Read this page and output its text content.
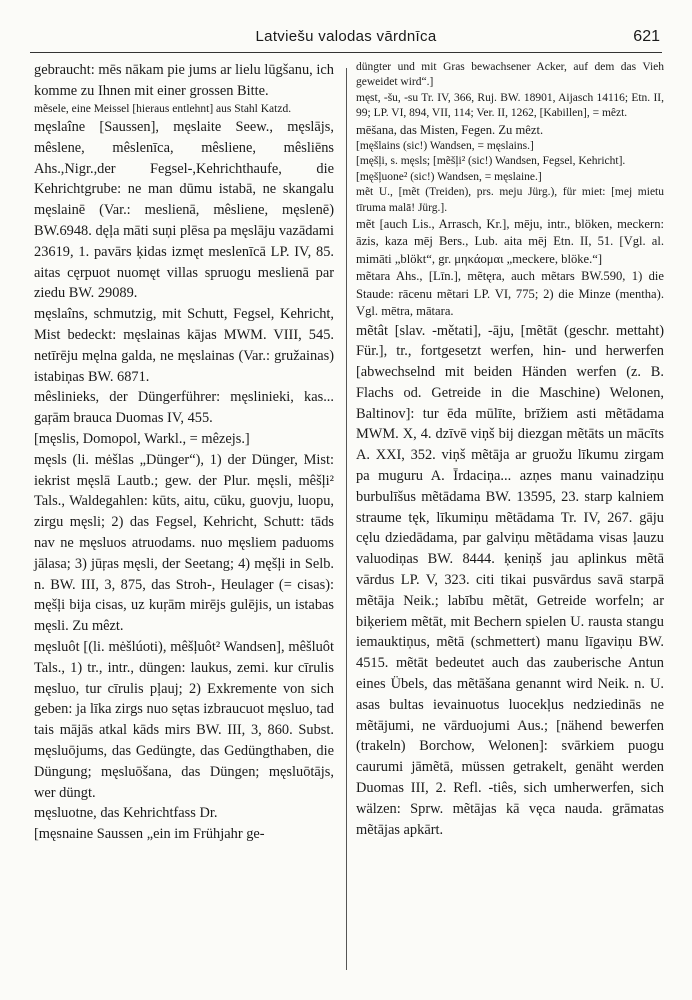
Latviešu valodas vārdnīca	621

gebraucht: mēs nākam pie jums ar lielu lūgšanu, ich komme zu Ihnen mit einer grossen Bitte.

mẽsele, eine Meissel [hieraus entlehnt] aus Stahl Katzd.

męslaîne [Saussen], męslaite Seew., męslājs, mêslene, mêslenīca, mêsliene, mêsliēns Ahs.,Nigr.,der Fegsel-,Kehrichthaufe, die Kehrichtgrube: ne man dūmu istabā, ne skangalu męslainē (Var.: meslienā, mêsliene, męslenē) BW.6948. dęļa māti suņi plēsa pa męslāju vazādami 23619, 1. pavārs ķidas izmęt meslenīcā LP. IV, 85. aitas cęrpuot nuomęt villas spruogu meslienā par ziedu BW. 29089.

męslaîns, schmutzig, mit Schutt, Fegsel, Kehricht, Mist bedeckt: męslainas kājas MWM. VIII, 545. netīrēju męlna galda, ne męslainas (Var.: gružainas) istabiņas BW. 6871.

mêslinieks, der Düngerführer: męslinieki, kas... gaŗām brauca Duomas IV, 455.

[męslis, Domopol, Warkl., = mêzejs.]

męsls (li. mėšlas „Dünger“), 1) der Dünger, Mist: iekrist męslā Lautb.; gew. der Plur. męsli, mêšļi² Tals., Waldegahlen: kūts, aitu, cūku, guovju, luopu, zirgu męsli; 2) das Fegsel, Kehricht, Schutt: tāds nav ne męsluos atruodams. nuo męsliem paduoms jālasa; 3) jūŗas męsli, der Seetang; 4) męšļi in Selb. n. BW. III, 3, 875, das Stroh-, Heulager (= cisas): męšļi bija cisas, uz kuŗām mirējs gulējis, un istabas męsli. Zu mêzt.

męsluôt [(li. mėšlúoti), mêšļuôt² Wandsen], mêšluôt Tals., 1) tr., intr., düngen: laukus, zemi. kur cīrulis męsluo, tur cīrulis pļauj; 2) Exkremente von sich geben: ja līka zirgs nuo sętas izbraucuot męsluo, tad tais mājās atkal kāds mirs BW. III, 3, 860. Subst. męsluōjums, das Gedüngte, das Gedüngthaben, die Düngung; męsluōšana, das Düngen; męsluōtājs, wer düngt.

męsluotne, das Kehrichtfass Dr.

[męsnaine Saussen „ein im Frühjahr ge-

düngter und mit Gras bewachsener Acker, auf dem das Vieh geweidet wird“.]

męst, -šu, -su Tr. IV, 366, Ruj. BW. 18901, Aijasch 14116; Etn. II, 99; LP. VI, 894, VII, 114; Ver. II, 1262, [Kabillen], = mêzt.

mēšana, das Misten, Fegen. Zu mêzt.

[męšlains (sic!) Wandsen, = męslains.]

[męšļi, s. męsls; [mẽšļi² (sic!) Wandsen, Fegsel, Kehricht].

[męšļuone² (sic!) Wandsen, = męslaine.]

mẽt U., [mẽt (Treiden), prs. meju Jürg.), für miet: [mej mietu tīruma malā! Jürg.].

mẽt [auch Lis., Arrasch, Kr.], mēju, intr., blöken, meckern: āzis, kaza mēj Bers., Lub. aita mēj Etn. II, 51. [Vgl. al. mimāti „blökt“, gr. μηκάομαι „meckere, blöke.“]

mẽtara Ahs., [Līn.], mẽtęra, auch mẽtars BW.590, 1) die Staude: rācenu mẽtari LP. VI, 775; 2) die Minze (mentha). Vgl. mētra, mātara.

mẽtât [slav. -mětati], -āju, [mẽtāt (geschr. mettaht) Für.], tr., fortgesetzt werfen, hin- und herwerfen [abwechselnd mit beiden Händen werfen (z. B. Flachs od. Getreide in die Maschine) Welonen, Baltinov]: tur ēda mūlīte, brīžiem asti mẽtādama MWM. X, 4. dzīvē viņš bij diezgan mẽtāts un mācīts A. XXI, 352. viņš mẽtāja ar gruožu līkumu zirgam pa muguru A. Īrdaciņa... azņes manu vainadziņu burbulīšus mẽtādama BW. 13595, 23. starp kalniem straume tęk, līkumiņu mẽtādama Tr. IV, 267. gāju cęlu dziedādama, par galviņu mẽtādama visas ļauzu valuodiņas BW. 8444. ķeniņš jau aplinkus mẽtā vārdus LP. V, 323. citi tikai pusvārdus savā starpā mẽtāja Neik.; labību mẽtāt, Getreide worfeln; ar biķeriem mẽtāt, mit Bechern spielen U. rausta stangu iemauktiņus, mẽtā (schmettert) manu līgaviņu BW. 4515. mẽtāt bedeutet auch das zauberische Antun eines Übels, das mẽtāšana genannt wird Neik. n. U. asas bultas ievainuotus luocekļus nedziedinās ne mẽtājumi, ne vārduojumi Aus.; [nähend bewerfen (trakeln) Borchow, Welonen]: svārkiem puogu caurumi jāmẽtā, müssen getrakelt, genäht werden Duomas III, 2. Refl. -tiês, sich umherwerfen, sich wälzen: Sprw. mẽtājas kā vęca nauda. grāmatas mẽtājas apkārt.
